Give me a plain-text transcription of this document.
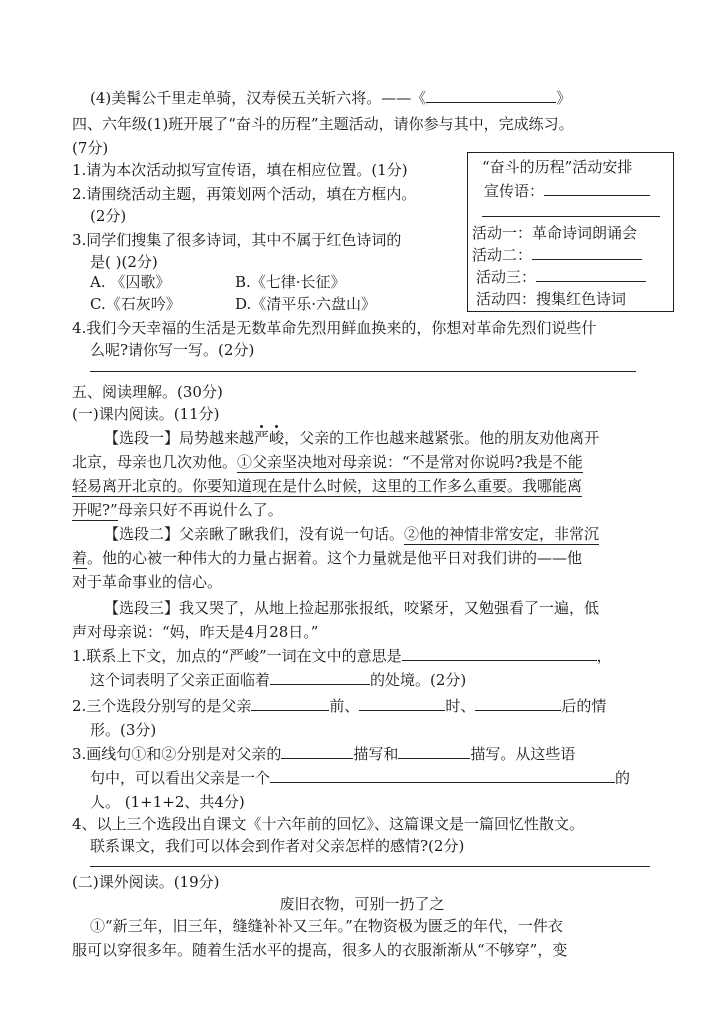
(4)美髯公千里走单骑，汉寿侯五关斩六将。——《	》
四、六年级(1)班开展了“奋斗的历程”主题活动，请你参与其中，完成练习。
(7分)
1.请为本次活动拟写宣传语，填在相应位置。(1分)
2.请围绕活动主题，再策划两个活动，填在方框内。
(2分)
3.同学们搜集了很多诗词，其中不属于红色诗词的
是( )(2分)
A. 《囚歌》	B.《七律·长征》
C.《石灰吟》	D.《清平乐·六盘山》
4.我们今天幸福的生活是无数革命先烈用鲜血换来的，你想对革命先烈们说些什
么呢?请你写一写。(2分)
“奋斗的历程”活动安排
宣传语：
活动一：革命诗词朗诵会
活动二：
活动三：
活动四：搜集红色诗词
五、阅读理解。(30分)
(一)课内阅读。(11分)
【选段一】局势越来越严峻，父亲的工作也越来越紧张。他的朋友劝他离开
北京，母亲也几次劝他。①父亲坚决地对母亲说：“不是常对你说吗?我是不能
轻易离开北京的。你要知道现在是什么时候，这里的工作多么重要。我哪能离
开呢?”母亲只好不再说什么了。
【选段二】父亲瞅了瞅我们，没有说一句话。②他的神情非常安定，非常沉
着。他的心被一种伟大的力量占据着。这个力量就是他平日对我们讲的——他
对于革命事业的信心。
【选段三】我又哭了，从地上捡起那张报纸，咬紧牙，又勉强看了一遍，低
声对母亲说：“妈，昨天是4月28日。”
1.联系上下文，加点的“严峻”一词在文中的意思是	，
这个词表明了父亲正面临着	的处境。(2分)
2.三个选段分别写的是父亲	前、	时、	后的情
形。(3分)
3.画线句①和②分别是对父亲的	描写和	描写。从这些语
句中，可以看出父亲是一个	的
人。 (1+1+2、共4分)
4、以上三个选段出自课文《十六年前的回忆》、这篇课文是一篇回忆性散文。
联系课文，我们可以体会到作者对父亲怎样的感情?(2分)
(二)课外阅读。(19分)
废旧衣物，可别一扔了之
①“新三年，旧三年，缝缝补补又三年。”在物资极为匮乏的年代，一件衣
服可以穿很多年。随着生活水平的提高，很多人的衣服渐渐从“不够穿”，变
